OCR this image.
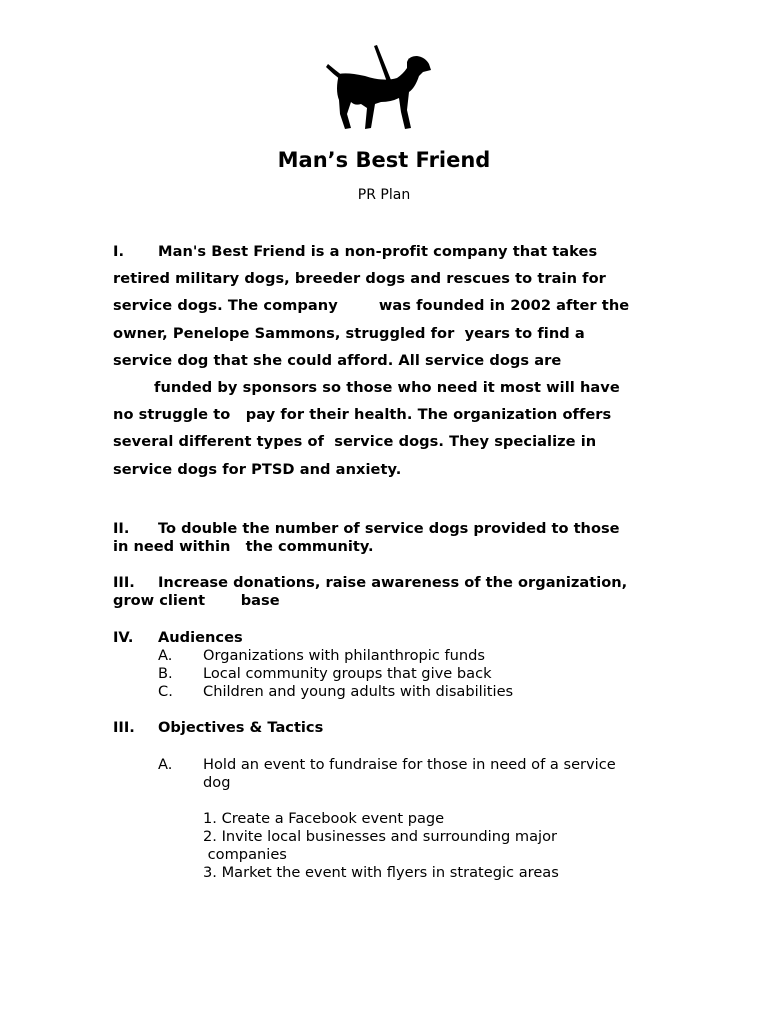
Man’s Best Friend
PR Plan
I. Man's Best Friend is a non-profit company that takes
retired military dogs, breeder dogs and rescues to train for
service dogs. The company        was founded in 2002 after the
owner, Penelope Sammons, struggled for  years to find a
service dog that she could afford. All service dogs are
funded by sponsors so those who need it most will have
no struggle to   pay for their health. The organization offers
several different types of  service dogs. They specialize in
service dogs for PTSD and anxiety.
II. To double the number of service dogs provided to those
in need within   the community.
III. Increase donations, raise awareness of the organization,
grow client       base
IV. Audiences
A. Organizations with philanthropic funds
B. Local community groups that give back
C. Children and young adults with disabilities
III. Objectives & Tactics
A. Hold an event to fundraise for those in need of a service
dog
1. Create a Facebook event page
2. Invite local businesses and surrounding major
companies
3. Market the event with flyers in strategic areas
